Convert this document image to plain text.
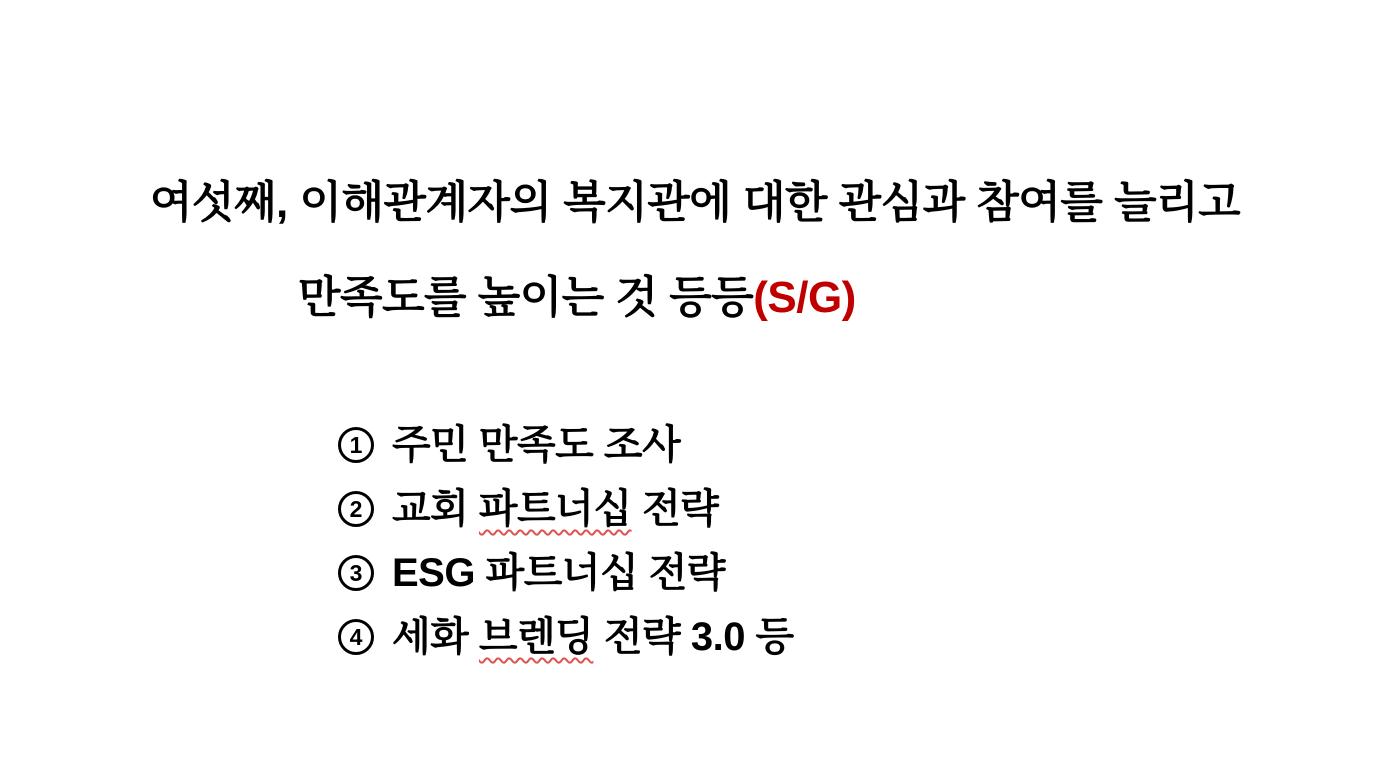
여섯째, 이해관계자의 복지관에 대한 관심과 참여를 늘리고
만족도를 높이는 것 등등(S/G)
1 주민 만족도 조사
2 교회 파트너십 전략
3 ESG 파트너십 전략
4 세화 브렌딩 전략 3.0 등
